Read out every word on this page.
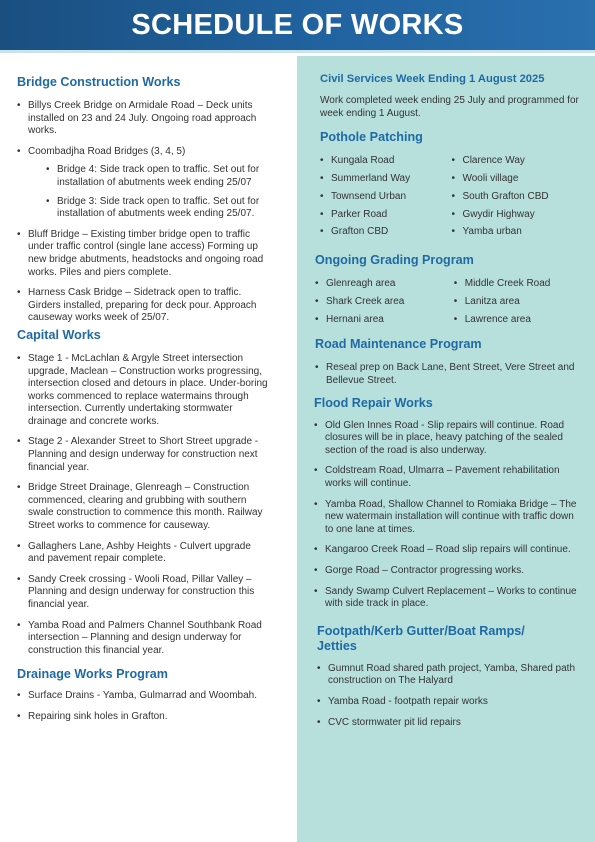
SCHEDULE OF WORKS
Bridge Construction Works
• Billys Creek Bridge on Armidale Road – Deck units installed on 23 and 24 July. Ongoing road approach works.
• Coombadjha Road Bridges (3, 4, 5)
• Bridge 4: Side track open to traffic. Set out for installation of abutments week ending 25/07
• Bridge 3: Side track open to traffic. Set out for installation of abutments week ending 25/07.
• Bluff Bridge – Existing timber bridge open to traffic under traffic control (single lane access) Forming up new bridge abutments, headstocks and ongoing road works. Piles and piers complete.
• Harness Cask Bridge – Sidetrack open to traffic. Girders installed, preparing for deck pour. Approach causeway works week of 25/07.
Capital Works
• Stage 1 - McLachlan & Argyle Street intersection upgrade, Maclean – Construction works progressing, intersection closed and detours in place. Under-boring works commenced to replace watermains through intersection. Currently undertaking stormwater drainage and concrete works.
• Stage 2 - Alexander Street to Short Street upgrade - Planning and design underway for construction next financial year.
• Bridge Street Drainage, Glenreagh – Construction commenced, clearing and grubbing with southern swale construction to commence this month. Railway Street works to commence for causeway.
• Gallaghers Lane, Ashby Heights - Culvert upgrade and pavement repair complete.
• Sandy Creek crossing - Wooli Road, Pillar Valley – Planning and design underway for construction this financial year.
• Yamba Road and Palmers Channel Southbank Road intersection – Planning and design underway for construction this financial year.
Drainage Works Program
• Surface Drains - Yamba, Gulmarrad and Woombah.
• Repairing sink holes in Grafton.
Civil Services Week Ending 1 August 2025

Work completed week ending 25 July and programmed for week ending 1 August.

Pothole Patching
• Kungala Road
• Summerland Way
• Townsend Urban
• Parker Road
• Grafton CBD
• Clarence Way
• Wooli village
• South Grafton CBD
• Gwydir Highway
• Yamba urban
Ongoing Grading Program
• Glenreagh area
• Shark Creek area
• Hernani area
• Middle Creek Road
• Lanitza area
• Lawrence area
Road Maintenance Program
• Reseal prep on Back Lane, Bent Street, Vere Street and Bellevue Street.
Flood Repair Works
• Old Glen Innes Road - Slip repairs will continue. Road closures will be in place, heavy patching of the sealed section of the road is also underway.
• Coldstream Road, Ulmarra – Pavement rehabilitation works will continue.
• Yamba Road, Shallow Channel to Romiaka Bridge – The new watermain installation will continue with traffic down to one lane at times.
• Kangaroo Creek Road – Road slip repairs will continue.
• Gorge Road – Contractor progressing works.
• Sandy Swamp Culvert Replacement – Works to continue with side track in place.
Footpath/Kerb Gutter/Boat Ramps/ Jetties
• Gumnut Road shared path project, Yamba, Shared path construction on The Halyard
• Yamba Road - footpath repair works
• CVC stormwater pit lid repairs
